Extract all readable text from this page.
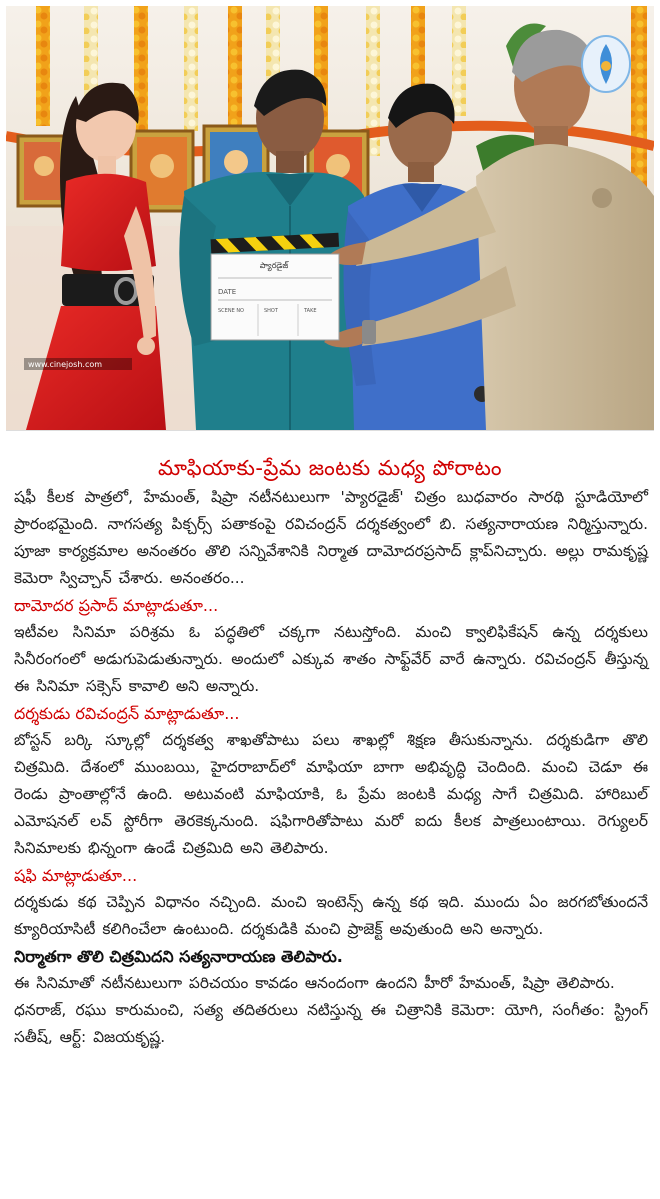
ప్యారడైజ్
DATE
SCENE NO	SHOT	TAKE
www.cinejosh.com
మాఫియాకు-ప్రేమ జంటకు మధ్య పోరాటం

షఫీ కీలక పాత్రలో, హేమంత్, షిప్రా నటీనటులుగా 'ప్యారడైజ్' చిత్రం బుధవారం సారథి స్టూడియోలో ప్రారంభమైంది. నాగసత్య పిక్చర్స్ పతాకంపై రవిచంద్రన్ దర్శకత్వంలో బి. సత్యనారాయణ నిర్మిస్తున్నారు. పూజా కార్యక్రమాల అనంతరం తొలి సన్నివేశానికి నిర్మాత దామోదరప్రసాద్ క్లాప్‌నిచ్చారు. అల్లు రామకృష్ణ కెమెరా స్విచ్చాన్ చేశారు. అనంతరం...

దామోదర ప్రసాద్ మాట్లాడుతూ...

ఇటీవల సినిమా పరిశ్రమ ఓ పద్ధతిలో చక్కగా నటుస్తోంది. మంచి క్వాలిఫికేషన్ ఉన్న దర్శకులు సినీరంగంలో అడుగుపెడుతున్నారు. అందులో ఎక్కువ శాతం సాఫ్ట్‌వేర్ వారే ఉన్నారు. రవిచంద్రన్ తీస్తున్న ఈ సినిమా సక్సెస్ కావాలి అని అన్నారు.

దర్శకుడు రవిచంద్రన్ మాట్లాడుతూ...

బోస్టన్ బర్కి స్కూల్లో దర్శకత్వ శాఖతోపాటు పలు శాఖల్లో శిక్షణ తీసుకున్నాను. దర్శకుడిగా తొలి చిత్రమిది. దేశంలో ముంబయి, హైదరాబాద్‌లో మాఫియా బాగా అభివృద్ధి చెందింది. మంచి చెడూ ఈ రెండు ప్రాంతాల్లోనే ఉంది. అటువంటి మాఫియాకి, ఓ ప్రేమ జంటకి మధ్య సాగే చిత్రమిది. హారిబుల్ ఎమోషనల్ లవ్ స్టోరీగా తెరకెక్కనుంది. షఫిగారితోపాటు మరో ఐదు కీలక పాత్రలుంటాయి. రెగ్యులర్ సినిమాలకు భిన్నంగా ఉండే చిత్రమిది అని తెలిపారు.

షఫి మాట్లాడుతూ...

దర్శకుడు కథ చెప్పిన విధానం నచ్చింది. మంచి ఇంటెన్స్ ఉన్న కథ ఇది. ముందు ఏం జరగబోతుందనే క్యూరియాసిటీ కలిగించేలా ఉంటుంది. దర్శకుడికి మంచి ప్రాజెక్ట్ అవుతుంది అని అన్నారు.

నిర్మాతగా తొలి చిత్రమిదని సత్యనారాయణ తెలిపారు.

ఈ సినిమాతో నటీనటులుగా పరిచయం కావడం ఆనందంగా ఉందని హీరో హేమంత్, షిప్రా తెలిపారు.

ధనరాజ్, రఘు కారుమంచి, సత్య తదితరులు నటిస్తున్న ఈ చిత్రానికి కెమెరా: యోగి, సంగీతం: స్ట్రింగ్ సతీష్, ఆర్ట్: విజయకృష్ణ.
